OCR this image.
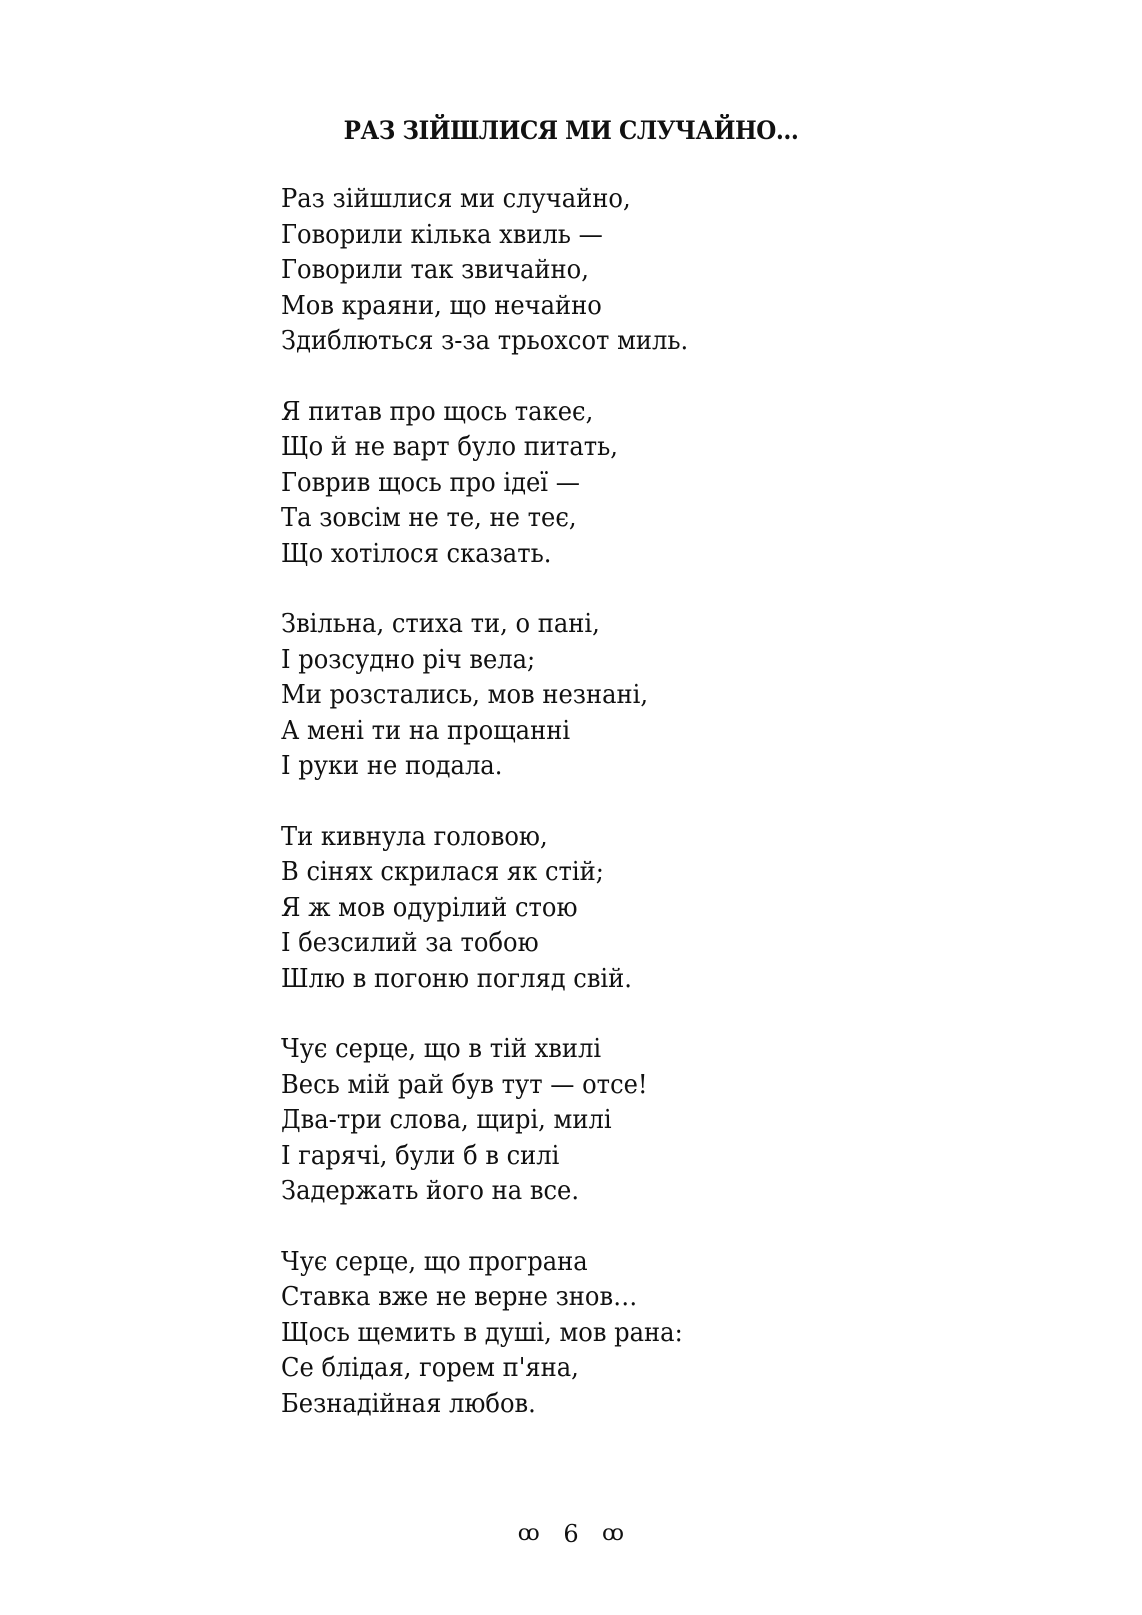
РАЗ ЗІЙШЛИСЯ МИ СЛУЧАЙНО…
Раз зійшлися ми случайно,
Говорили кілька хвиль —
Говорили так звичайно,
Мов краяни, що нечайно
Здиблються з-за трьохсот миль.
Я питав про щось такеє,
Що й не варт було питать,
Говрив щось про ідеї —
Та зовсім не те, не теє,
Що хотілося сказать.
Звільна, стиха ти, о пані,
І розсудно річ вела;
Ми розстались, мов незнані,
А мені ти на прощанні
І руки не подала.
Ти кивнула головою,
В сінях скрилася як стій;
Я ж мов одурілий стою
І безсилий за тобою
Шлю в погоню погляд свій.
Чує серце, що в тій хвилі
Весь мій рай був тут — отсе!
Два-три слова, щирі, милі
І гарячі, були б в силі
Задержать його на все.
Чує серце, що програна
Ставка вже не верне знов…
Щось щемить в душі, мов рана:
Се блідая, горем п'яна,
Безнадійная любов.
ꝏ 6 ꝏ
